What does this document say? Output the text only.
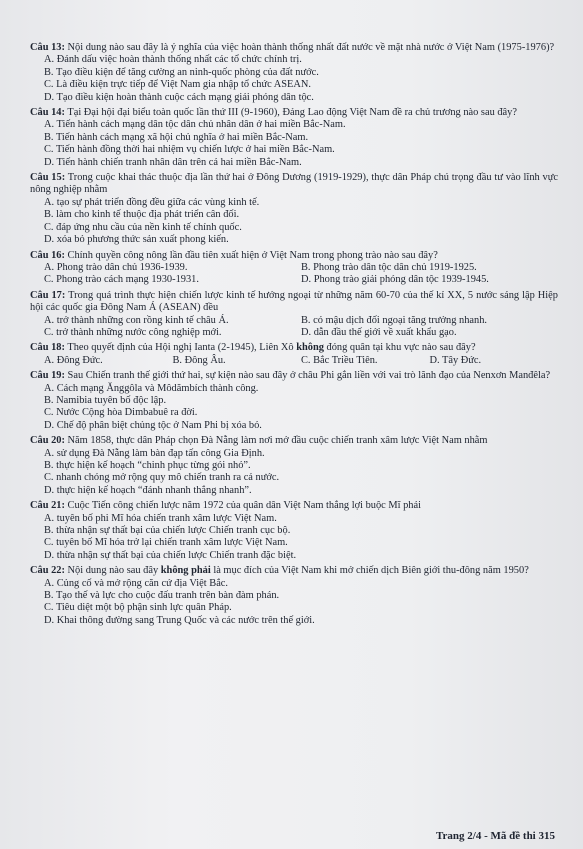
Câu 13: Nội dung nào sau đây là ý nghĩa của việc hoàn thành thống nhất đất nước về mặt nhà nước ở Việt Nam (1975-1976)?
A. Đánh dấu việc hoàn thành thống nhất các tổ chức chính trị.
B. Tạo điều kiện để tăng cường an ninh-quốc phòng của đất nước.
C. Là điều kiện trực tiếp để Việt Nam gia nhập tổ chức ASEAN.
D. Tạo điều kiện hoàn thành cuộc cách mạng giải phóng dân tộc.
Câu 14: Tại Đại hội đại biểu toàn quốc lần thứ III (9-1960), Đảng Lao động Việt Nam đề ra chủ trương nào sau đây?
A. Tiến hành cách mạng dân tộc dân chủ nhân dân ở hai miền Bắc-Nam.
B. Tiến hành cách mạng xã hội chủ nghĩa ở hai miền Bắc-Nam.
C. Tiến hành đồng thời hai nhiệm vụ chiến lược ở hai miền Bắc-Nam.
D. Tiến hành chiến tranh nhân dân trên cả hai miền Bắc-Nam.
Câu 15: Trong cuộc khai thác thuộc địa lần thứ hai ở Đông Dương (1919-1929), thực dân Pháp chú trọng đầu tư vào lĩnh vực nông nghiệp nhằm
A. tạo sự phát triển đồng đều giữa các vùng kinh tế.
B. làm cho kinh tế thuộc địa phát triển cân đối.
C. đáp ứng nhu cầu của nền kinh tế chính quốc.
D. xóa bỏ phương thức sản xuất phong kiến.
Câu 16: Chính quyền công nông lần đầu tiên xuất hiện ở Việt Nam trong phong trào nào sau đây?
A. Phong trào dân chủ 1936-1939.	B. Phong trào dân tộc dân chủ 1919-1925.
C. Phong trào cách mạng 1930-1931.	D. Phong trào giải phóng dân tộc 1939-1945.
Câu 17: Trong quá trình thực hiện chiến lược kinh tế hướng ngoại từ những năm 60-70 của thế kỉ XX, 5 nước sáng lập Hiệp hội các quốc gia Đông Nam Á (ASEAN) đều
A. trở thành những con rồng kinh tế châu Á.	B. có mậu dịch đối ngoại tăng trưởng nhanh.
C. trở thành những nước công nghiệp mới.	D. dẫn đầu thế giới về xuất khẩu gạo.
Câu 18: Theo quyết định của Hội nghị Ianta (2-1945), Liên Xô không đóng quân tại khu vực nào sau đây?
A. Đông Đức.	B. Đông Âu.	C. Bắc Triều Tiên.	D. Tây Đức.
Câu 19: Sau Chiến tranh thế giới thứ hai, sự kiện nào sau đây ở châu Phi gắn liền với vai trò lãnh đạo của Nenxơn Manđêla?
A. Cách mạng Ănggôla và Môdămbích thành công.
B. Namibia tuyên bố độc lập.
C. Nước Cộng hòa Dimbabuê ra đời.
D. Chế độ phân biệt chủng tộc ở Nam Phi bị xóa bỏ.
Câu 20: Năm 1858, thực dân Pháp chọn Đà Nẵng làm nơi mở đầu cuộc chiến tranh xâm lược Việt Nam nhằm
A. sử dụng Đà Nẵng làm bàn đạp tấn công Gia Định.
B. thực hiện kế hoạch “chinh phục từng gói nhỏ”.
C. nhanh chóng mở rộng quy mô chiến tranh ra cả nước.
D. thực hiện kế hoạch “đánh nhanh thắng nhanh”.
Câu 21: Cuộc Tiến công chiến lược năm 1972 của quân dân Việt Nam thắng lợi buộc Mĩ phải
A. tuyên bố phi Mĩ hóa chiến tranh xâm lược Việt Nam.
B. thừa nhận sự thất bại của chiến lược Chiến tranh cục bộ.
C. tuyên bố Mĩ hóa trở lại chiến tranh xâm lược Việt Nam.
D. thừa nhận sự thất bại của chiến lược Chiến tranh đặc biệt.
Câu 22: Nội dung nào sau đây không phải là mục đích của Việt Nam khi mở chiến dịch Biên giới thu-đông năm 1950?
A. Củng cố và mở rộng căn cứ địa Việt Bắc.
B. Tạo thế và lực cho cuộc đấu tranh trên bàn đàm phán.
C. Tiêu diệt một bộ phận sinh lực quân Pháp.
D. Khai thông đường sang Trung Quốc và các nước trên thế giới.
Trang 2/4 - Mã đề thi 315
